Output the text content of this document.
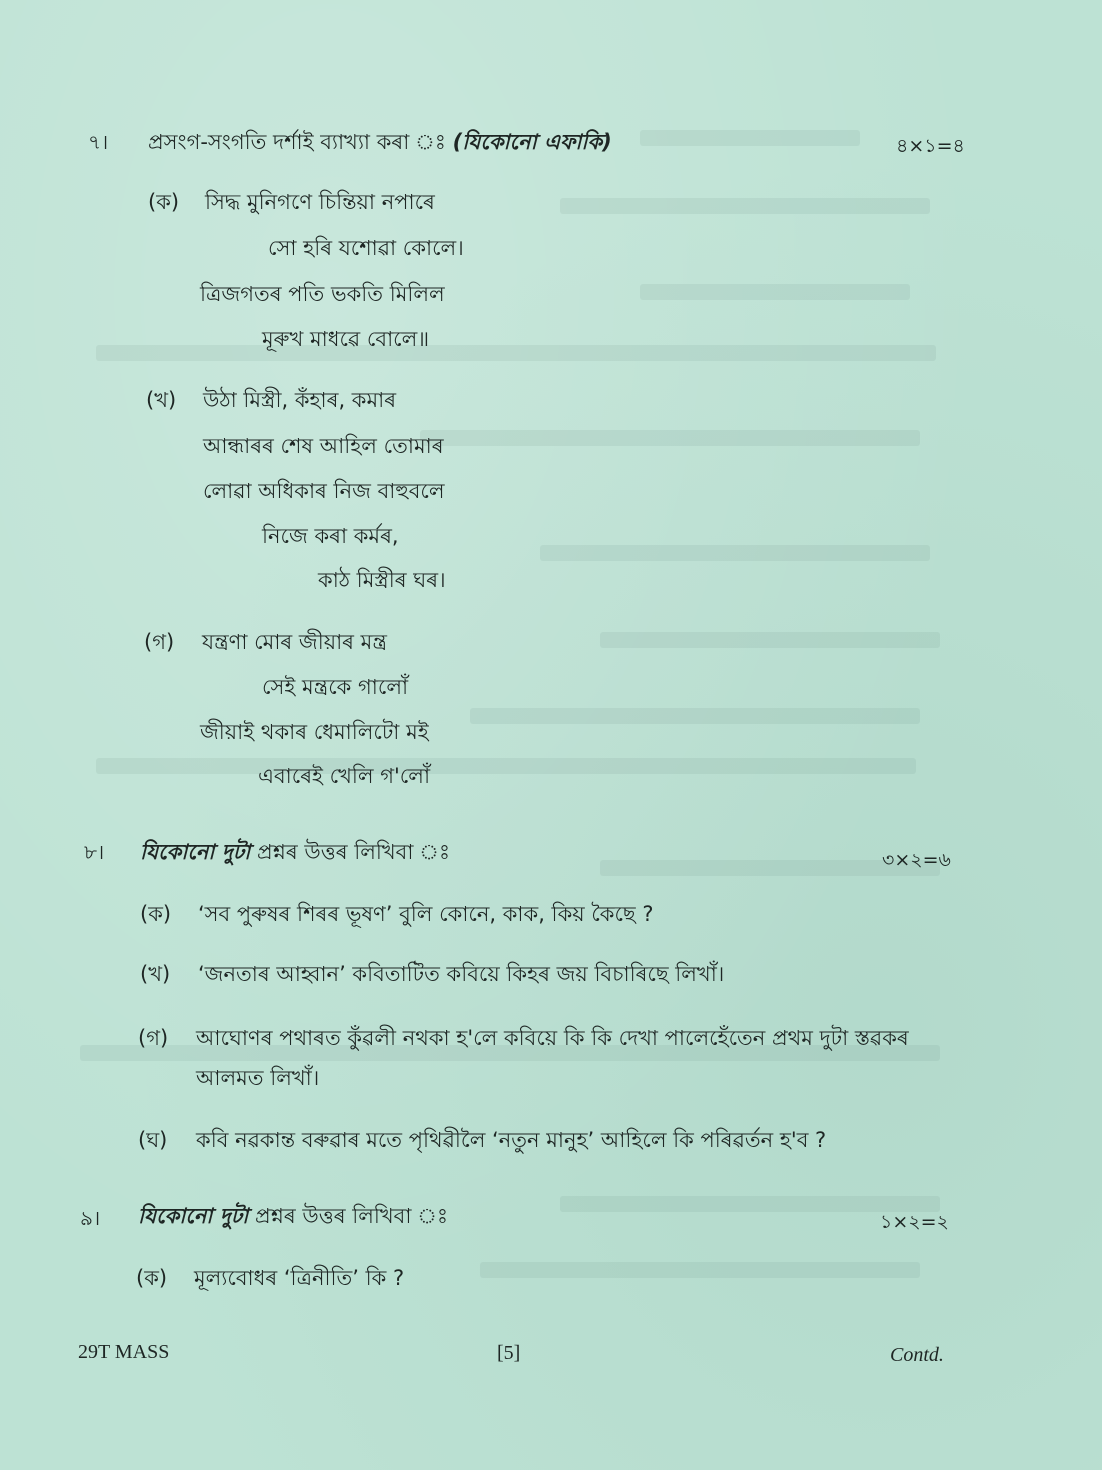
৭। প্ৰসংগ-সংগতি দৰ্শাই ব্যাখ্যা কৰা ঃ (যিকোনো এফাকি)	৪×১=৪
(ক) সিদ্ধ মুনিগণে চিন্তিয়া নপাৰে
সো হৰি যশোৱা কোলে।
ত্ৰিজগতৰ পতি ভকতি মিলিল
মূৰুখ মাধৱে বোলে॥
(খ) উঠা মিস্ত্ৰী, কঁহাৰ, কমাৰ
আন্ধাৰৰ শেষ আহিল তোমাৰ
লোৱা অধিকাৰ নিজ বাহুবলে
নিজে কৰা কৰ্মৰ,
কাঠ মিস্ত্ৰীৰ ঘৰ।
(গ) যন্ত্ৰণা মোৰ জীয়াৰ মন্ত্ৰ
সেই মন্ত্ৰকে গালোঁ
জীয়াই থকাৰ ধেমালিটো মই
এবাৰেই খেলি গ'লোঁ
৮। যিকোনো দুটা প্ৰশ্নৰ উত্তৰ লিখিবা ঃ	৩×২=৬
(ক) ‘সব পুৰুষৰ শিৰৰ ভূষণ’ বুলি কোনে, কাক, কিয় কৈছে ?
(খ) ‘জনতাৰ আহ্বান’ কবিতাটিত কবিয়ে কিহৰ জয় বিচাৰিছে লিখাঁ।
(গ) আঘোণৰ পথাৰত কুঁৱলী নথকা হ'লে কবিয়ে কি কি দেখা পালেহেঁতেন প্ৰথম দুটা স্তৱকৰ
আলমত লিখাঁ।
(ঘ) কবি নৱকান্ত বৰুৱাৰ মতে পৃথিৱীলৈ ‘নতুন মানুহ’ আহিলে কি পৰিৱৰ্তন হ'ব ?
৯। যিকোনো দুটা প্ৰশ্নৰ উত্তৰ লিখিবা ঃ	১×২=২
(ক) মূল্যবোধৰ ‘ত্ৰিনীতি’ কি ?
29T MASS	[5]	Contd.
